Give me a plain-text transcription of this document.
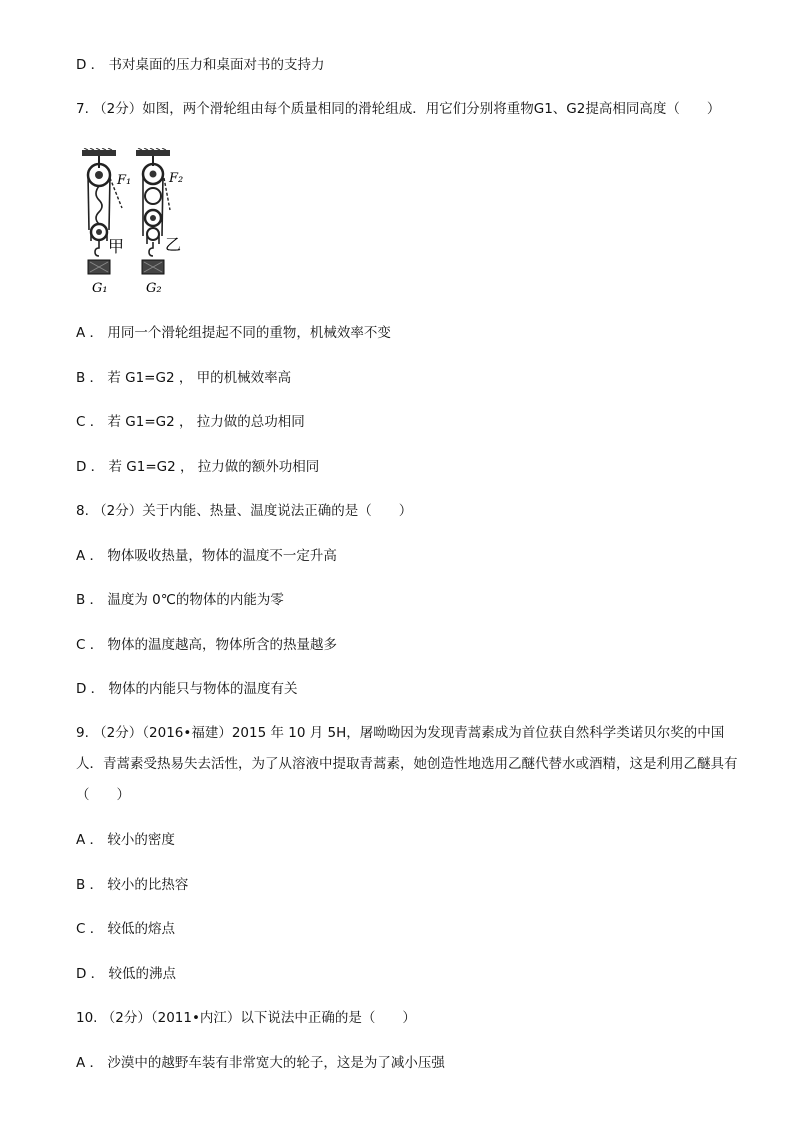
D ． 书对桌面的压力和桌面对书的支持力
7. （2分）如图，两个滑轮组由每个质量相同的滑轮组成．用它们分别将重物G1、G2提高相同高度（　　）
F₁
甲
G₁
F₂
乙
G₂
A ． 用同一个滑轮组提起不同的重物，机械效率不变
B ． 若 G1=G2 ， 甲的机械效率高
C ． 若 G1=G2 ， 拉力做的总功相同
D ． 若 G1=G2 ， 拉力做的额外功相同
8. （2分）关于内能、热量、温度说法正确的是（　　）
A ． 物体吸收热量，物体的温度不一定升高
B ． 温度为 0℃的物体的内能为零
C ． 物体的温度越高，物体所含的热量越多
D ． 物体的内能只与物体的温度有关
9. （2分）（2016•福建）2015 年 10 月 5H，屠呦呦因为发现青蒿素成为首位获自然科学类诺贝尔奖的中国人．青蒿素受热易失去活性，为了从溶液中提取青蒿素，她创造性地选用乙醚代替水或酒精，这是利用乙醚具有（　　）
A ． 较小的密度
B ． 较小的比热容
C ． 较低的熔点
D ． 较低的沸点
10. （2分）（2011•内江）以下说法中正确的是（　　）
A ． 沙漠中的越野车装有非常宽大的轮子，这是为了减小压强
